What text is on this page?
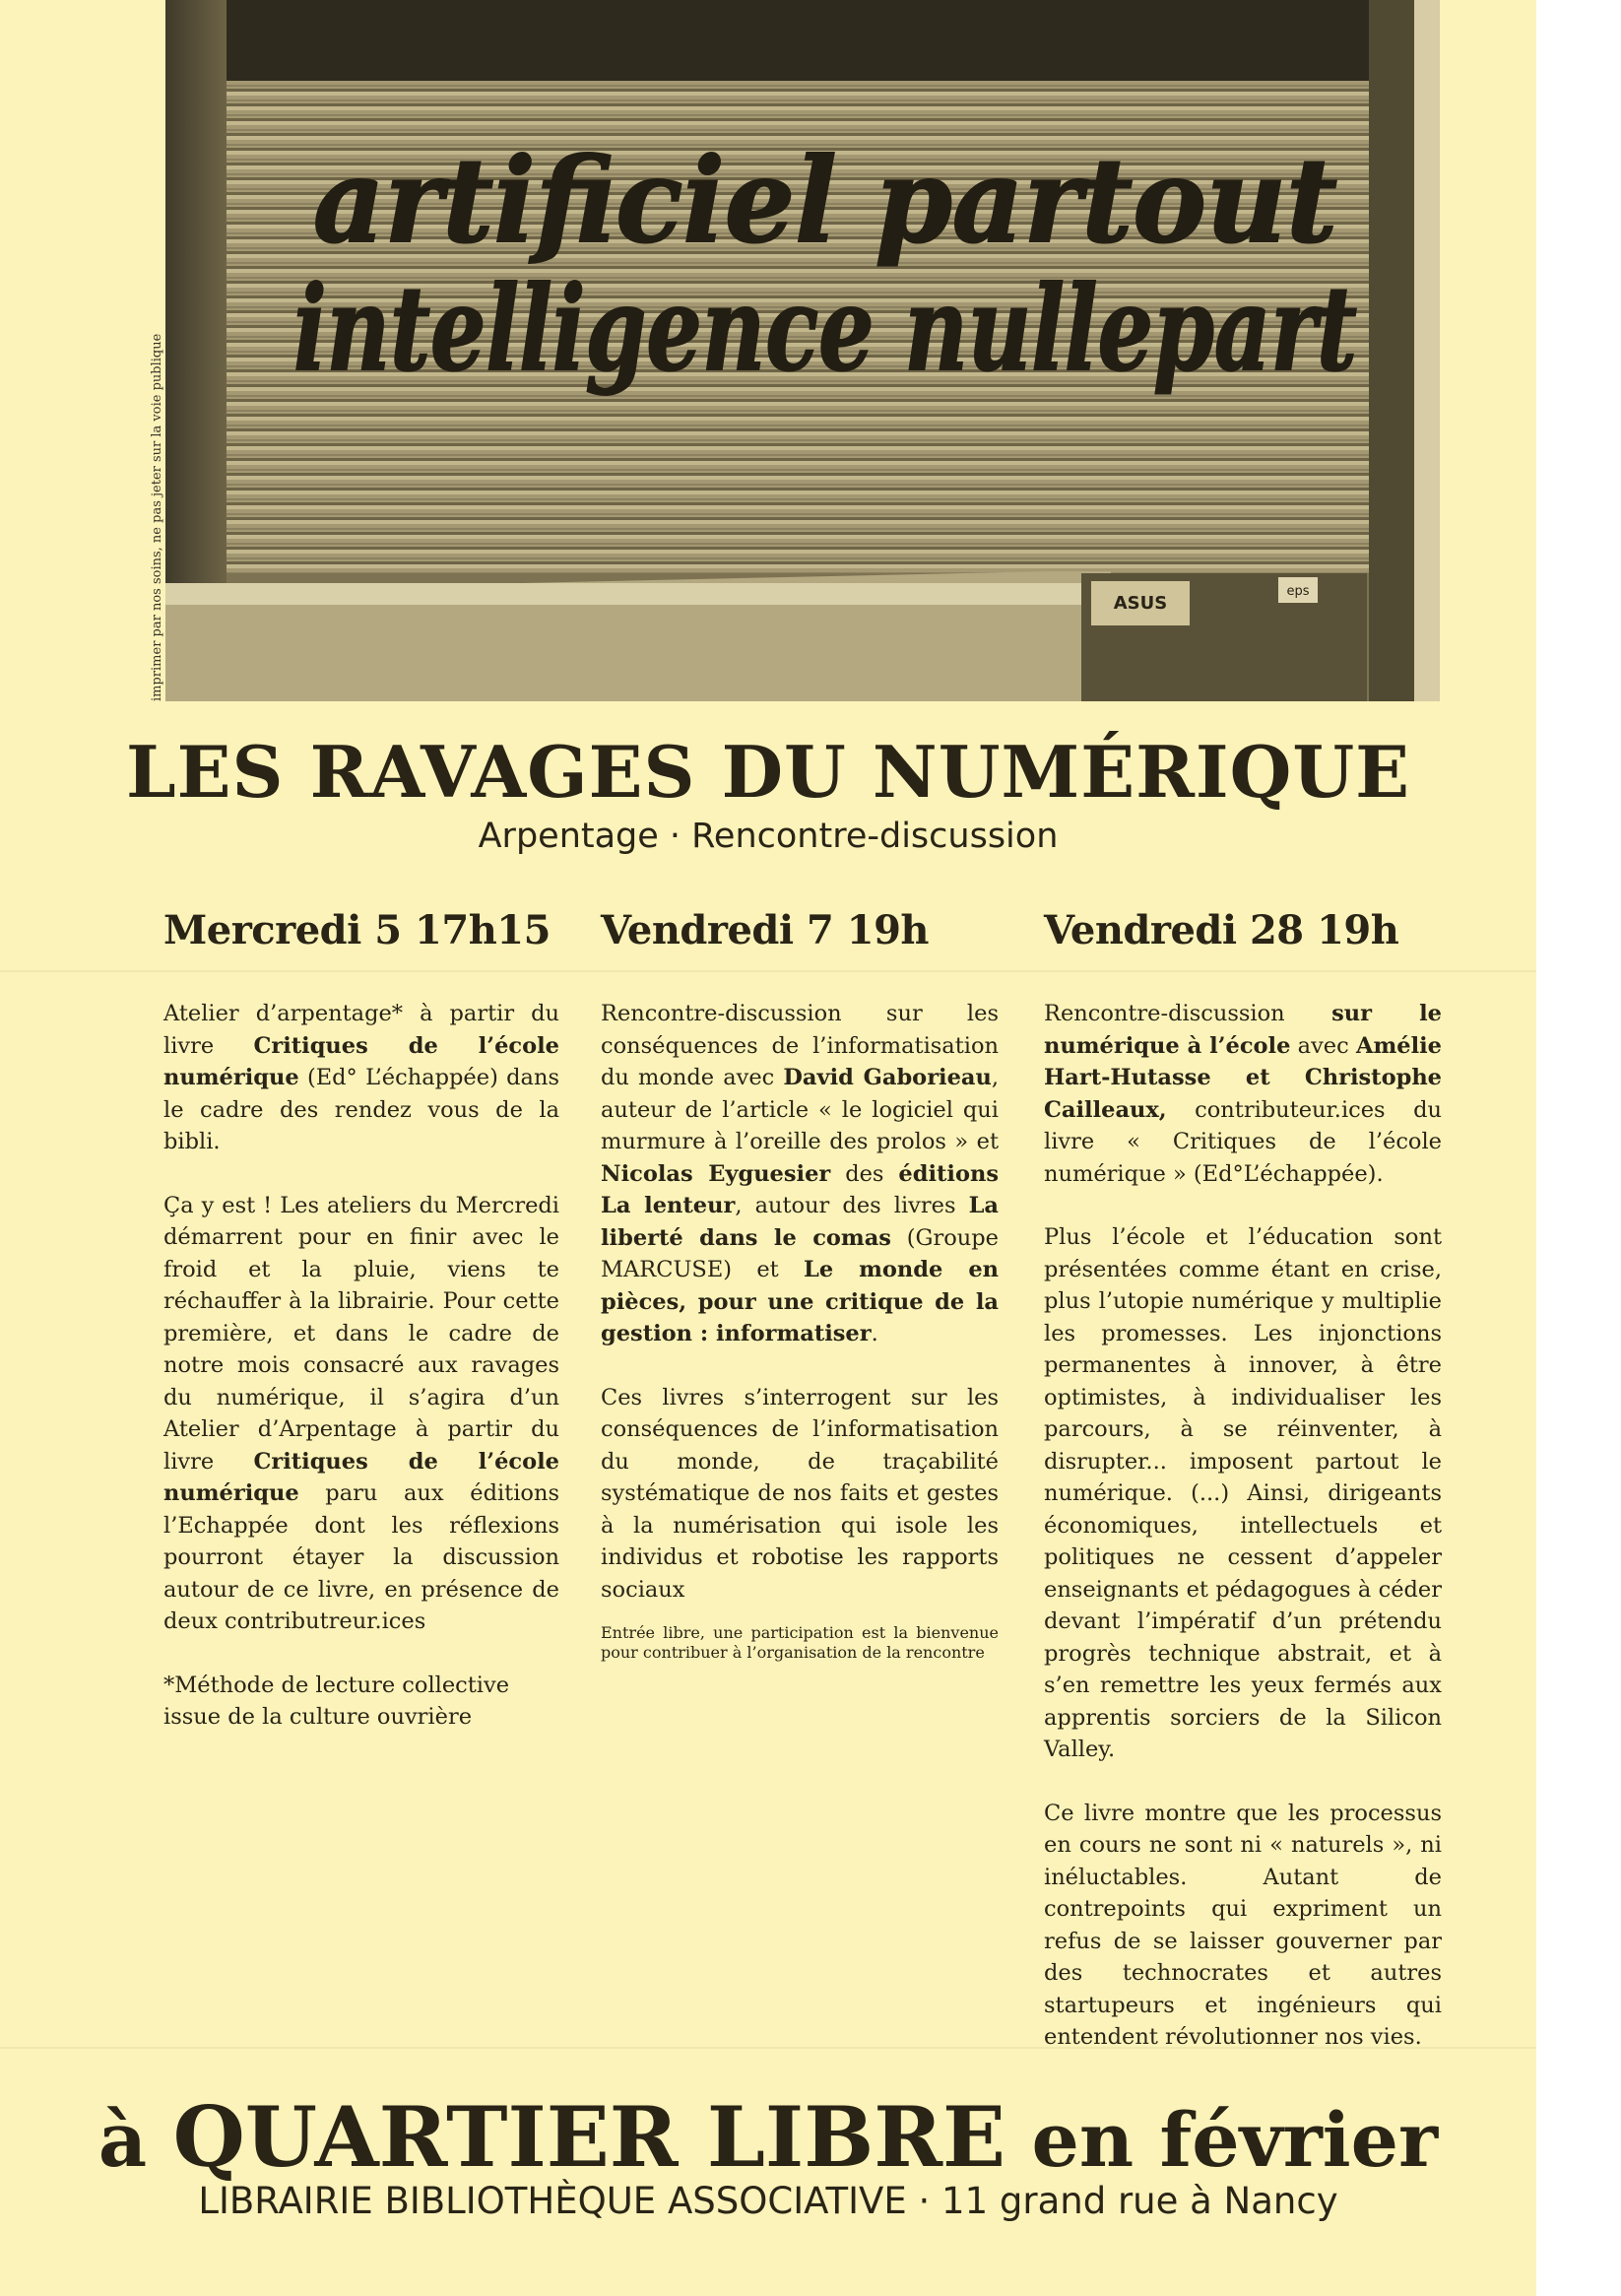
ASUS
eps
artificiel partout
intelligence nullepart
imprimer par nos soins, ne pas jeter sur la voie publique
LES RAVAGES DU NUMÉRIQUE
Arpentage · Rencontre-discussion
Mercredi 5 17h15

Atelier d’arpentage* à partir du livre Critiques de l’école numérique (Ed° L’échappée) dans le cadre des rendez vous de la bibli.

Ça y est ! Les ateliers du Mercredi démarrent pour en finir avec le froid et la pluie, viens te réchauffer à la librairie. Pour cette première, et dans le cadre de notre mois consacré aux ravages du numérique, il s’agira d’un Atelier d’Arpentage à partir du livre Critiques de l’école numérique paru aux éditions l’Echappée dont les réflexions pourront étayer la discussion autour de ce livre, en présence de deux contributreur.ices

*Méthode de lecture collective issue de la culture ouvrière

Vendredi 7 19h

Rencontre-discussion sur les conséquences de l’informatisation du monde avec David Gaborieau, auteur de l’article « le logiciel qui murmure à l’oreille des prolos » et Nicolas Eyguesier des éditions La lenteur, autour des livres La liberté dans le comas (Groupe MARCUSE) et Le monde en pièces, pour une critique de la gestion : informatiser.

Ces livres s’interrogent sur les conséquences de l’informatisation du monde, de traçabilité systématique de nos faits et gestes à la numérisation qui isole les individus et robotise les rapports sociaux

Entrée libre, une participation est la bienvenue pour contribuer à l’organisation de la rencontre

Vendredi 28 19h

Rencontre-discussion sur le numérique à l’école avec Amélie Hart-Hutasse et Christophe Cailleaux, contributeur.ices du livre « Critiques de l’école numérique » (Ed°L’échappée).

Plus l’école et l’éducation sont présentées comme étant en crise, plus l’utopie numérique y multiplie les promesses. Les injonctions permanentes à innover, à être optimistes, à individualiser les parcours, à se réinventer, à disrupter... imposent partout le numérique. (...) Ainsi, dirigeants économiques, intellectuels et politiques ne cessent d’appeler enseignants et pédagogues à céder devant l’impératif d’un prétendu progrès technique abstrait, et à s’en remettre les yeux fermés aux apprentis sorciers de la Silicon Valley.

Ce livre montre que les processus en cours ne sont ni « naturels », ni inéluctables. Autant de contrepoints qui expriment un refus de se laisser gouverner par des technocrates et autres startupeurs et ingénieurs qui entendent révolutionner nos vies.

à QUARTIER LIBRE en février
LIBRAIRIE BIBLIOTHÈQUE ASSOCIATIVE · 11 grand rue à Nancy
